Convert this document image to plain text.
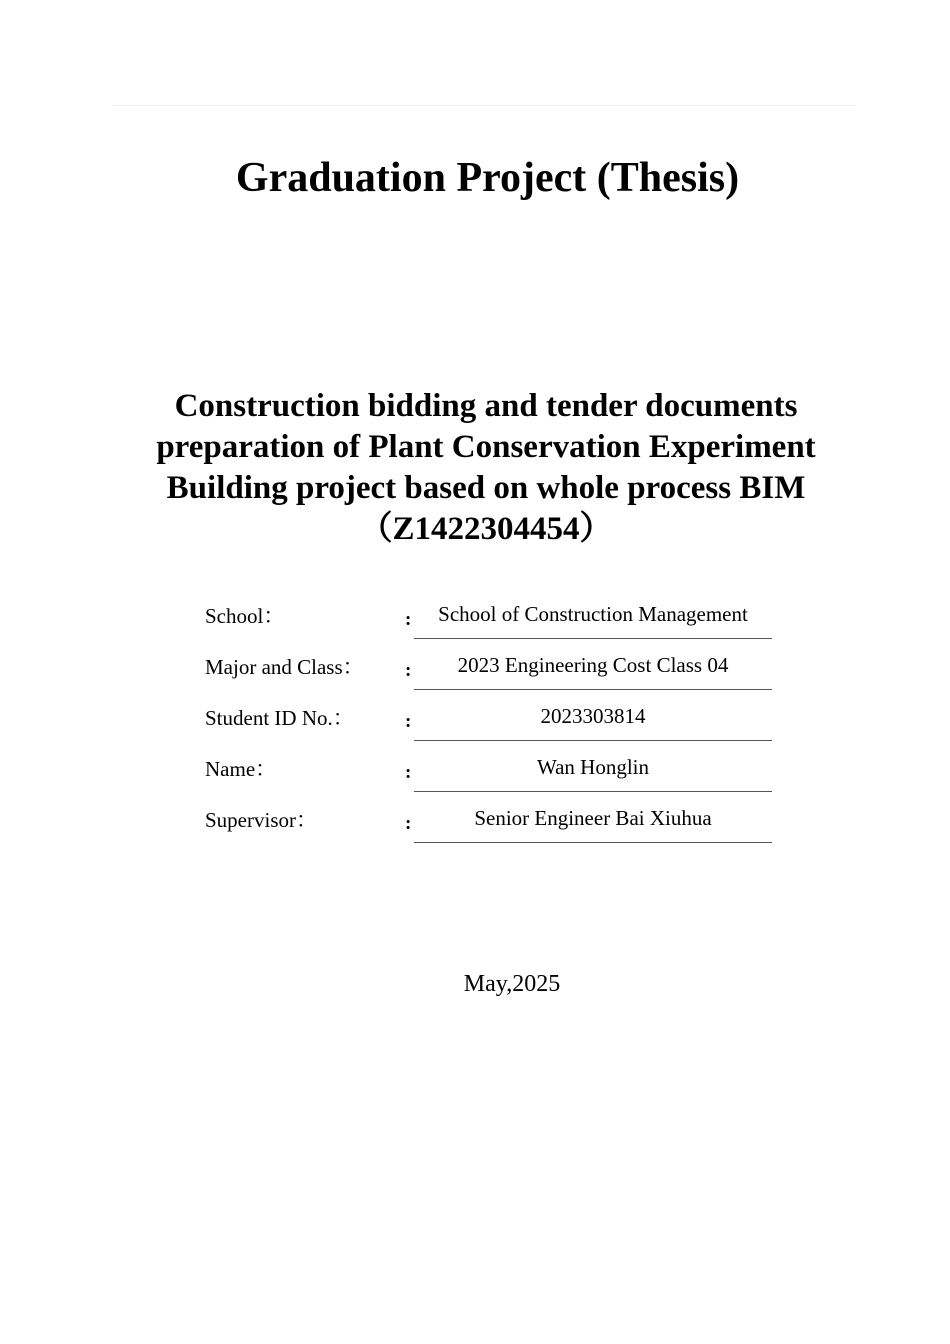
Graduation Project (Thesis)
Construction bidding and tender documents preparation of Plant Conservation Experiment Building project based on whole process BIM
（Z1422304454）
School：	:	School of Construction Management
Major and Class： :	2023 Engineering Cost Class 04
Student ID No.：	:	2023303814
Name：	:	Wan Honglin
Supervisor：	:	Senior Engineer Bai Xiuhua
May,2025
